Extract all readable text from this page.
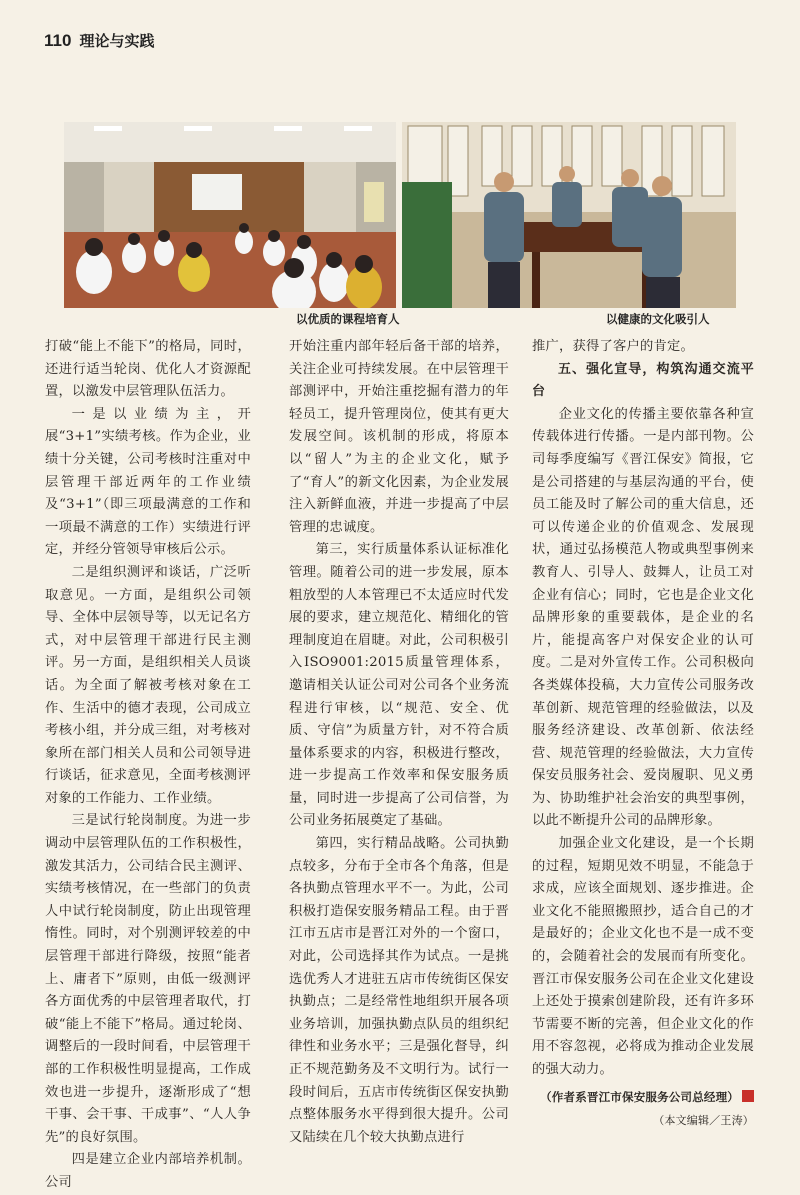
110 理论与实践
以优质的课程培育人	以健康的文化吸引人

打破“能上不能下”的格局，同时，还进行适当轮岗、优化人才资源配置，以激发中层管理队伍活力。

一是以业绩为主，开展“3+1”实绩考核。作为企业，业绩十分关键，公司考核时注重对中层管理干部近两年的工作业绩及“3+1”（即三项最满意的工作和一项最不满意的工作）实绩进行评定，并经分管领导审核后公示。

二是组织测评和谈话，广泛听取意见。一方面，是组织公司领导、全体中层领导等，以无记名方式，对中层管理干部进行民主测评。另一方面，是组织相关人员谈话。为全面了解被考核对象在工作、生活中的德才表现，公司成立考核小组，并分成三组，对考核对象所在部门相关人员和公司领导进行谈话，征求意见，全面考核测评对象的工作能力、工作业绩。

三是试行轮岗制度。为进一步调动中层管理队伍的工作积极性，激发其活力，公司结合民主测评、实绩考核情况，在一些部门的负责人中试行轮岗制度，防止出现管理惰性。同时，对个别测评较差的中层管理干部进行降级，按照“能者上、庸者下”原则，由低一级测评各方面优秀的中层管理者取代，打破“能上不能下”格局。通过轮岗、调整后的一段时间看，中层管理干部的工作积极性明显提高，工作成效也进一步提升，逐渐形成了“想干事、会干事、干成事”、“人人争先”的良好氛围。

四是建立企业内部培养机制。公司

开始注重内部年轻后备干部的培养，关注企业可持续发展。在中层管理干部测评中，开始注重挖掘有潜力的年轻员工，提升管理岗位，使其有更大发展空间。该机制的形成，将原本以“留人”为主的企业文化，赋予了“育人”的新文化因素，为企业发展注入新鲜血液，并进一步提高了中层管理的忠诚度。

第三，实行质量体系认证标准化管理。随着公司的进一步发展，原本粗放型的人本管理已不太适应时代发展的要求，建立规范化、精细化的管理制度迫在眉睫。对此，公司积极引入ISO9001:2015质量管理体系，邀请相关认证公司对公司各个业务流程进行审核，以“规范、安全、优质、守信”为质量方针，对不符合质量体系要求的内容，积极进行整改，进一步提高工作效率和保安服务质量，同时进一步提高了公司信誉，为公司业务拓展奠定了基础。

第四，实行精品战略。公司执勤点较多，分布于全市各个角落，但是各执勤点管理水平不一。为此，公司积极打造保安服务精品工程。由于晋江市五店市是晋江对外的一个窗口，对此，公司选择其作为试点。一是挑选优秀人才进驻五店市传统街区保安执勤点；二是经常性地组织开展各项业务培训，加强执勤点队员的组织纪律性和业务水平；三是强化督导，纠正不规范勤务及不文明行为。试行一段时间后，五店市传统街区保安执勤点整体服务水平得到很大提升。公司又陆续在几个较大执勤点进行

推广，获得了客户的肯定。

五、强化宣导，构筑沟通交流平台

企业文化的传播主要依靠各种宣传载体进行传播。一是内部刊物。公司每季度编写《晋江保安》简报，它是公司搭建的与基层沟通的平台，使员工能及时了解公司的重大信息，还可以传递企业的价值观念、发展现状，通过弘扬模范人物或典型事例来教育人、引导人、鼓舞人，让员工对企业有信心；同时，它也是企业文化品牌形象的重要载体，是企业的名片，能提高客户对保安企业的认可度。二是对外宣传工作。公司积极向各类媒体投稿，大力宣传公司服务改革创新、规范管理的经验做法，以及服务经济建设、改革创新、依法经营、规范管理的经验做法，大力宣传保安员服务社会、爱岗履职、见义勇为、协助维护社会治安的典型事例，以此不断提升公司的品牌形象。

加强企业文化建设，是一个长期的过程，短期见效不明显，不能急于求成，应该全面规划、逐步推进。企业文化不能照搬照抄，适合自己的才是最好的；企业文化也不是一成不变的，会随着社会的发展而有所变化。晋江市保安服务公司在企业文化建设上还处于摸索创建阶段，还有许多环节需要不断的完善，但企业文化的作用不容忽视，必将成为推动企业发展的强大动力。

（作者系晋江市保安服务公司总经理）
（本文编辑／王涛）
